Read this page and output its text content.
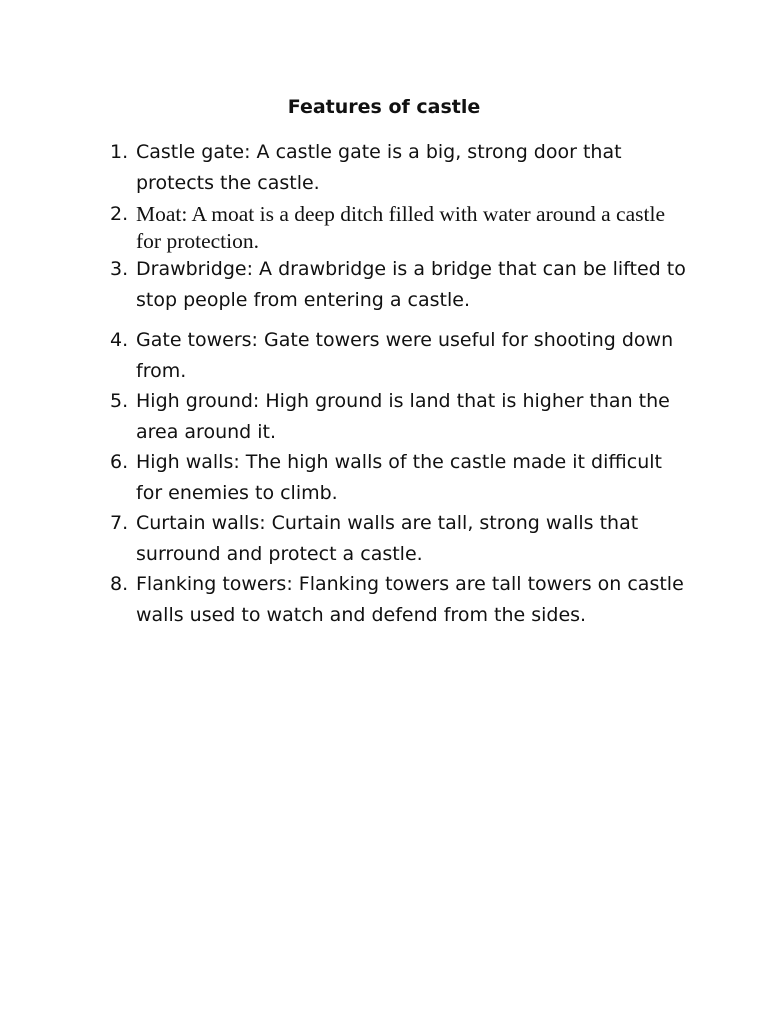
Features of castle
1. Castle gate: A castle gate is a big, strong door that protects the castle.
2. Moat: A moat is a deep ditch filled with water around a castle for protection.
3. Drawbridge: A drawbridge is a bridge that can be lifted to stop people from entering a castle.
4. Gate towers: Gate towers were useful for shooting down from.
5. High ground: High ground is land that is higher than the area around it.
6. High walls: The high walls of the castle made it difficult for enemies to climb.
7. Curtain walls: Curtain walls are tall, strong walls that surround and protect a castle.
8. Flanking towers: Flanking towers are tall towers on castle walls used to watch and defend from the sides.
